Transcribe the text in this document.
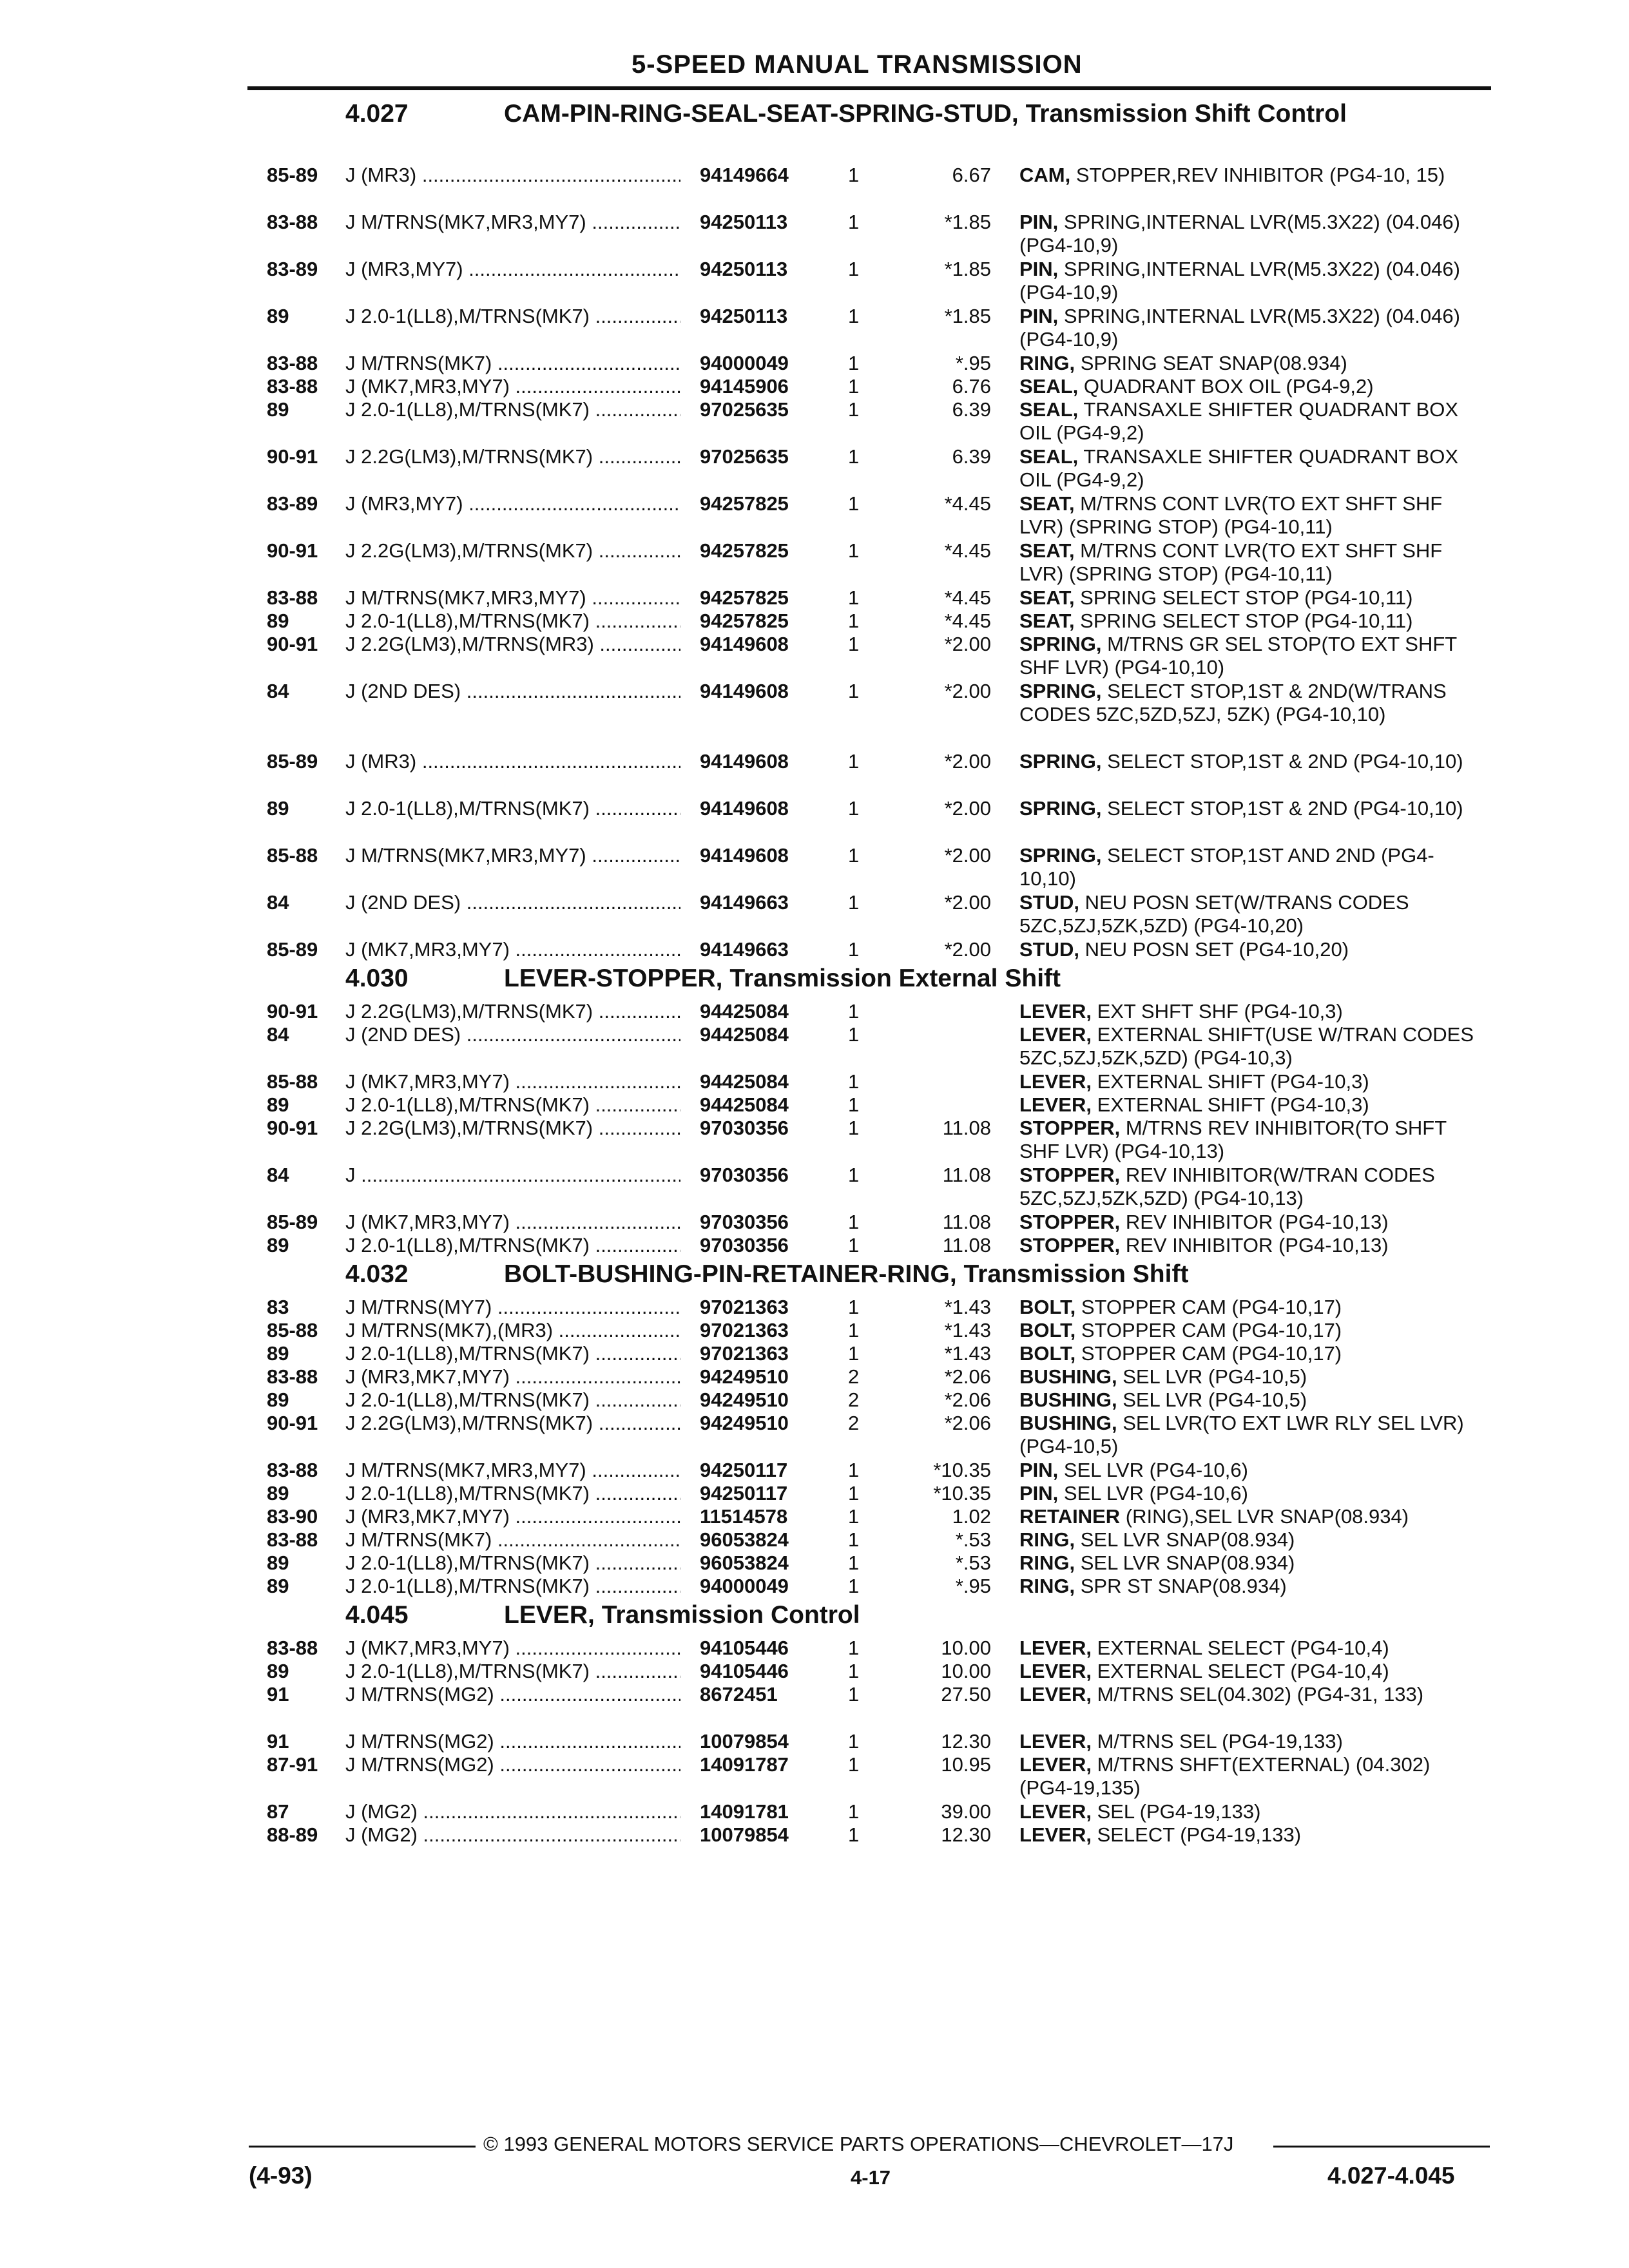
5-SPEED MANUAL TRANSMISSION
4.027	CAM-PIN-RING-SEAL-SEAT-SPRING-STUD, Transmission Shift Control
85-89 J (MR3) .....	94149664	1	6.67 CAM, STOPPER,REV INHIBITOR (PG4-10, 15)
83-88 J M/TRNS(MK7,MR3,MY7) .....	94250113	1	*1.85 PIN, SPRING,INTERNAL LVR(M5.3X22) (04.046) (PG4-10,9)
83-89 J (MR3,MY7) .....	94250113	1	*1.85 PIN, SPRING,INTERNAL LVR(M5.3X22) (04.046) (PG4-10,9)
89	J 2.0-1(LL8),M/TRNS(MK7) .....	94250113	1	*1.85 PIN, SPRING,INTERNAL LVR(M5.3X22) (04.046) (PG4-10,9)
83-88 J M/TRNS(MK7) .....	94000049	1	*.95 RING, SPRING SEAT SNAP(08.934)
83-88 J (MK7,MR3,MY7) .....	94145906	1	6.76 SEAL, QUADRANT BOX OIL (PG4-9,2)
89	J 2.0-1(LL8),M/TRNS(MK7) .....	97025635	1	6.39 SEAL, TRANSAXLE SHIFTER QUADRANT BOX OIL (PG4-9,2)
90-91 J 2.2G(LM3),M/TRNS(MK7) .....	97025635	1	6.39 SEAL, TRANSAXLE SHIFTER QUADRANT BOX OIL (PG4-9,2)
83-89 J (MR3,MY7) .....	94257825	1	*4.45 SEAT, M/TRNS CONT LVR(TO EXT SHFT SHF LVR) (SPRING STOP) (PG4-10,11)
90-91 J 2.2G(LM3),M/TRNS(MK7) .....	94257825	1	*4.45 SEAT, M/TRNS CONT LVR(TO EXT SHFT SHF LVR) (SPRING STOP) (PG4-10,11)
83-88 J M/TRNS(MK7,MR3,MY7) .....	94257825	1	*4.45 SEAT, SPRING SELECT STOP (PG4-10,11)
89	J 2.0-1(LL8),M/TRNS(MK7) .....	94257825	1	*4.45 SEAT, SPRING SELECT STOP (PG4-10,11)
90-91 J 2.2G(LM3),M/TRNS(MR3) .....	94149608	1	*2.00 SPRING, M/TRNS GR SEL STOP(TO EXT SHFT SHF LVR) (PG4-10,10)
84	J (2ND DES) .....	94149608	1	*2.00 SPRING, SELECT STOP,1ST & 2ND(W/TRANS CODES 5ZC,5ZD,5ZJ, 5ZK) (PG4-10,10)
85-89 J (MR3) .....	94149608	1	*2.00 SPRING, SELECT STOP,1ST & 2ND (PG4-10,10)
89	J 2.0-1(LL8),M/TRNS(MK7) .....	94149608	1	*2.00 SPRING, SELECT STOP,1ST & 2ND (PG4-10,10)
85-88 J M/TRNS(MK7,MR3,MY7) .....	94149608	1	*2.00 SPRING, SELECT STOP,1ST AND 2ND (PG4-10,10)
84	J (2ND DES) .....	94149663	1	*2.00 STUD, NEU POSN SET(W/TRANS CODES 5ZC,5ZJ,5ZK,5ZD) (PG4-10,20)
85-89 J (MK7,MR3,MY7) .....	94149663	1	*2.00 STUD, NEU POSN SET (PG4-10,20)
4.030	LEVER-STOPPER, Transmission External Shift
90-91 J 2.2G(LM3),M/TRNS(MK7) .....	94425084	1	LEVER, EXT SHFT SHF (PG4-10,3)
84	J (2ND DES) .....	94425084	1	LEVER, EXTERNAL SHIFT(USE W/TRAN CODES 5ZC,5ZJ,5ZK,5ZD) (PG4-10,3)
85-88 J (MK7,MR3,MY7) .....	94425084	1	LEVER, EXTERNAL SHIFT (PG4-10,3)
89	J 2.0-1(LL8),M/TRNS(MK7) .....	94425084	1	LEVER, EXTERNAL SHIFT (PG4-10,3)
90-91 J 2.2G(LM3),M/TRNS(MK7) .....	97030356	1	11.08 STOPPER, M/TRNS REV INHIBITOR(TO SHFT SHF LVR) (PG4-10,13)
84	J .....	97030356	1	11.08 STOPPER, REV INHIBITOR(W/TRAN CODES 5ZC,5ZJ,5ZK,5ZD) (PG4-10,13)
85-89 J (MK7,MR3,MY7) .....	97030356	1	11.08 STOPPER, REV INHIBITOR (PG4-10,13)
89	J 2.0-1(LL8),M/TRNS(MK7) .....	97030356	1	11.08 STOPPER, REV INHIBITOR (PG4-10,13)
4.032	BOLT-BUSHING-PIN-RETAINER-RING, Transmission Shift
83	J M/TRNS(MY7) .....	97021363	1	*1.43 BOLT, STOPPER CAM (PG4-10,17)
85-88 J M/TRNS(MK7),(MR3) .....	97021363	1	*1.43 BOLT, STOPPER CAM (PG4-10,17)
89	J 2.0-1(LL8),M/TRNS(MK7) .....	97021363	1	*1.43 BOLT, STOPPER CAM (PG4-10,17)
83-88 J (MR3,MK7,MY7) .....	94249510	2	*2.06 BUSHING, SEL LVR (PG4-10,5)
89	J 2.0-1(LL8),M/TRNS(MK7) .....	94249510	2	*2.06 BUSHING, SEL LVR (PG4-10,5)
90-91 J 2.2G(LM3),M/TRNS(MK7) .....	94249510	2	*2.06 BUSHING, SEL LVR(TO EXT LWR RLY SEL LVR) (PG4-10,5)
83-88 J M/TRNS(MK7,MR3,MY7) .....	94250117	1	*10.35 PIN, SEL LVR (PG4-10,6)
89	J 2.0-1(LL8),M/TRNS(MK7) .....	94250117	1	*10.35 PIN, SEL LVR (PG4-10,6)
83-90 J (MR3,MK7,MY7) .....	11514578	1	1.02 RETAINER (RING),SEL LVR SNAP(08.934)
83-88 J M/TRNS(MK7) .....	96053824	1	*.53 RING, SEL LVR SNAP(08.934)
89	J 2.0-1(LL8),M/TRNS(MK7) .....	96053824	1	*.53 RING, SEL LVR SNAP(08.934)
89	J 2.0-1(LL8),M/TRNS(MK7) .....	94000049	1	*.95 RING, SPR ST SNAP(08.934)
4.045	LEVER, Transmission Control
83-88 J (MK7,MR3,MY7) .....	94105446	1	10.00 LEVER, EXTERNAL SELECT (PG4-10,4)
89	J 2.0-1(LL8),M/TRNS(MK7) .....	94105446	1	10.00 LEVER, EXTERNAL SELECT (PG4-10,4)
91	J M/TRNS(MG2) .....	8672451	1	27.50 LEVER, M/TRNS SEL(04.302) (PG4-31, 133)
91	J M/TRNS(MG2) .....	10079854	1	12.30 LEVER, M/TRNS SEL (PG4-19,133)
87-91 J M/TRNS(MG2) .....	14091787	1	10.95 LEVER, M/TRNS SHFT(EXTERNAL) (04.302) (PG4-19,135)
87	J (MG2) .....	14091781	1	39.00 LEVER, SEL (PG4-19,133)
88-89 J (MG2) .....	10079854	1	12.30 LEVER, SELECT (PG4-19,133)
© 1993 GENERAL MOTORS SERVICE PARTS OPERATIONS—CHEVROLET—17J
(4-93)	4-17	4.027-4.045
